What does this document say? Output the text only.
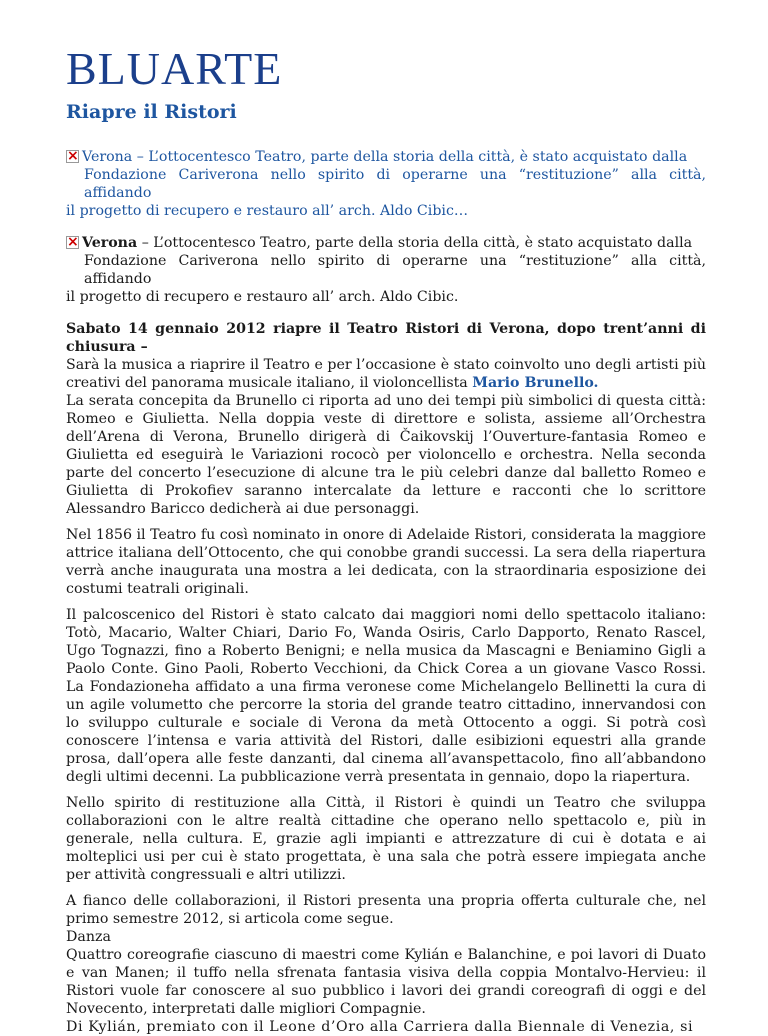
BLUARTE
Riapre il Ristori
×Verona – L’ottocentesco Teatro, parte della storia della città, è stato acquistato dalla
Fondazione Cariverona nello spirito di operarne una “restituzione” alla città, affidando
il progetto di recupero e restauro all’ arch. Aldo Cibic…
×Verona – L’ottocentesco Teatro, parte della storia della città, è stato acquistato dalla
Fondazione Cariverona nello spirito di operarne una “restituzione” alla città, affidando
il progetto di recupero e restauro all’ arch. Aldo Cibic.
Sabato 14 gennaio 2012 riapre il Teatro Ristori di Verona, dopo trent’anni di chiusura –

Sarà la musica a riaprire il Teatro e per l’occasione è stato coinvolto uno degli artisti più creativi del panorama musicale italiano, il violoncellista Mario Brunello.

La serata concepita da Brunello ci riporta ad uno dei tempi più simbolici di questa città: Romeo e Giulietta. Nella doppia veste di direttore e solista, assieme all’Orchestra dell’Arena di Verona, Brunello dirigerà di Čaikovskij l’Ouverture-fantasia Romeo e Giulietta ed eseguirà le Variazioni rococò per violoncello e orchestra. Nella seconda parte del concerto l’esecuzione di alcune tra le più celebri danze dal balletto Romeo e Giulietta di Prokofiev saranno intercalate da letture e racconti che lo scrittore Alessandro Baricco dedicherà ai due personaggi.

Nel 1856 il Teatro fu così nominato in onore di Adelaide Ristori, considerata la maggiore attrice italiana dell’Ottocento, che qui conobbe grandi successi. La sera della riapertura verrà anche inaugurata una mostra a lei dedicata, con la straordinaria esposizione dei costumi teatrali originali.

Il palcoscenico del Ristori è stato calcato dai maggiori nomi dello spettacolo italiano: Totò, Macario, Walter Chiari, Dario Fo, Wanda Osiris, Carlo Dapporto, Renato Rascel, Ugo Tognazzi, fino a Roberto Benigni; e nella musica da Mascagni e Beniamino Gigli a Paolo Conte. Gino Paoli, Roberto Vecchioni, da Chick Corea a un giovane Vasco Rossi. La Fondazioneha affidato a una firma veronese come Michelangelo Bellinetti la cura di un agile volumetto che percorre la storia del grande teatro cittadino, innervandosi con lo sviluppo culturale e sociale di Verona da metà Ottocento a oggi. Si potrà così conoscere l’intensa e varia attività del Ristori, dalle esibizioni equestri alla grande prosa, dall’opera alle feste danzanti, dal cinema all’avanspettacolo, fino all’abbandono degli ultimi decenni. La pubblicazione verrà presentata in gennaio, dopo la riapertura.

Nello spirito di restituzione alla Città, il Ristori è quindi un Teatro che sviluppa collaborazioni con le altre realtà cittadine che operano nello spettacolo e, più in generale, nella cultura. E, grazie agli impianti e attrezzature di cui è dotata e ai molteplici usi per cui è stato progettata, è una sala che potrà essere impiegata anche per attività congressuali e altri utilizzi.

A fianco delle collaborazioni, il Ristori presenta una propria offerta culturale che, nel primo semestre 2012, si articola come segue.

Danza
Quattro coreografie ciascuno di maestri come Kylián e Balanchine, e poi lavori di Duato e van Manen; il tuffo nella sfrenata fantasia visiva della coppia Montalvo-Hervieu: il Ristori vuole far conoscere al suo pubblico i lavori dei grandi coreografi di oggi e del Novecento, interpretati dalle migliori Compagnie.
Di Kylián, premiato con il Leone d’Oro alla Carriera dalla Biennale di Venezia, si
